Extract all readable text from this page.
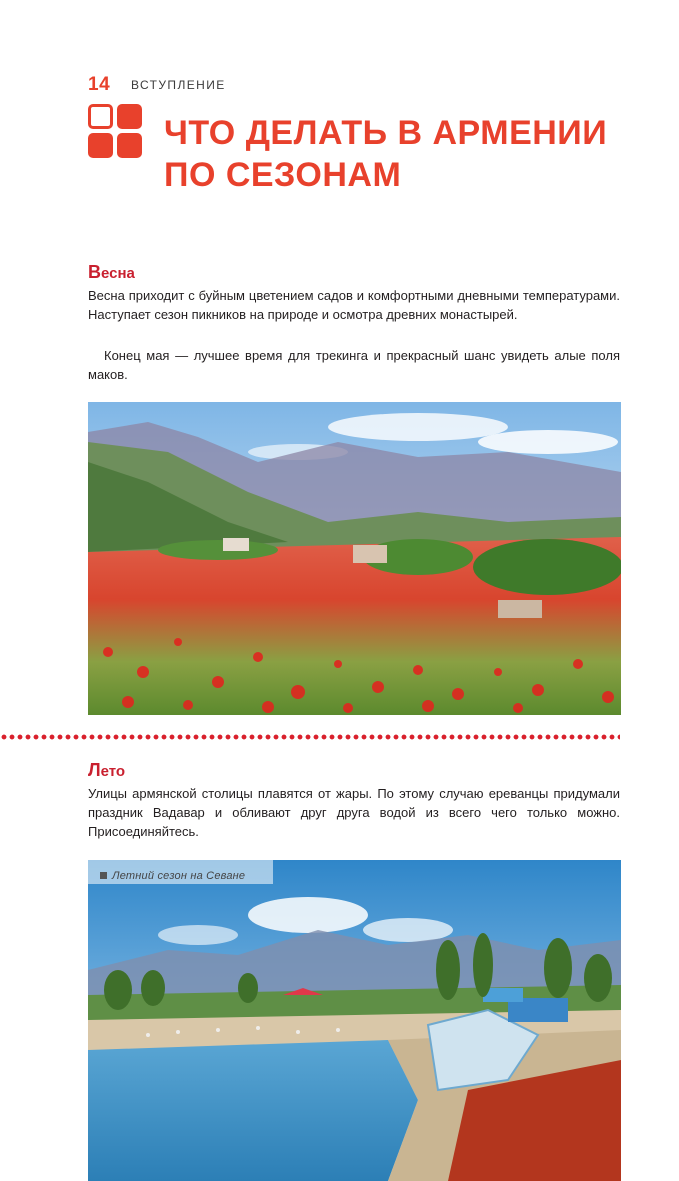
14 ВСТУПЛЕНИЕ
ЧТО ДЕЛАТЬ В АРМЕНИИ
ПО СЕЗОНАМ
Весна

Весна приходит с буйным цветением садов и комфортными дневными температурами. Наступает сезон пикников на природе и осмотра древних монастырей.

Конец мая — лучшее время для трекинга и прекрасный шанс увидеть алые поля маков.

Лето

Улицы армянской столицы плавятся от жары. По этому случаю ереванцы придумали праздник Вадавар и обливают друг друга водой из всего чего только можно. Присоединяйтесь.

Летний сезон на Севане
